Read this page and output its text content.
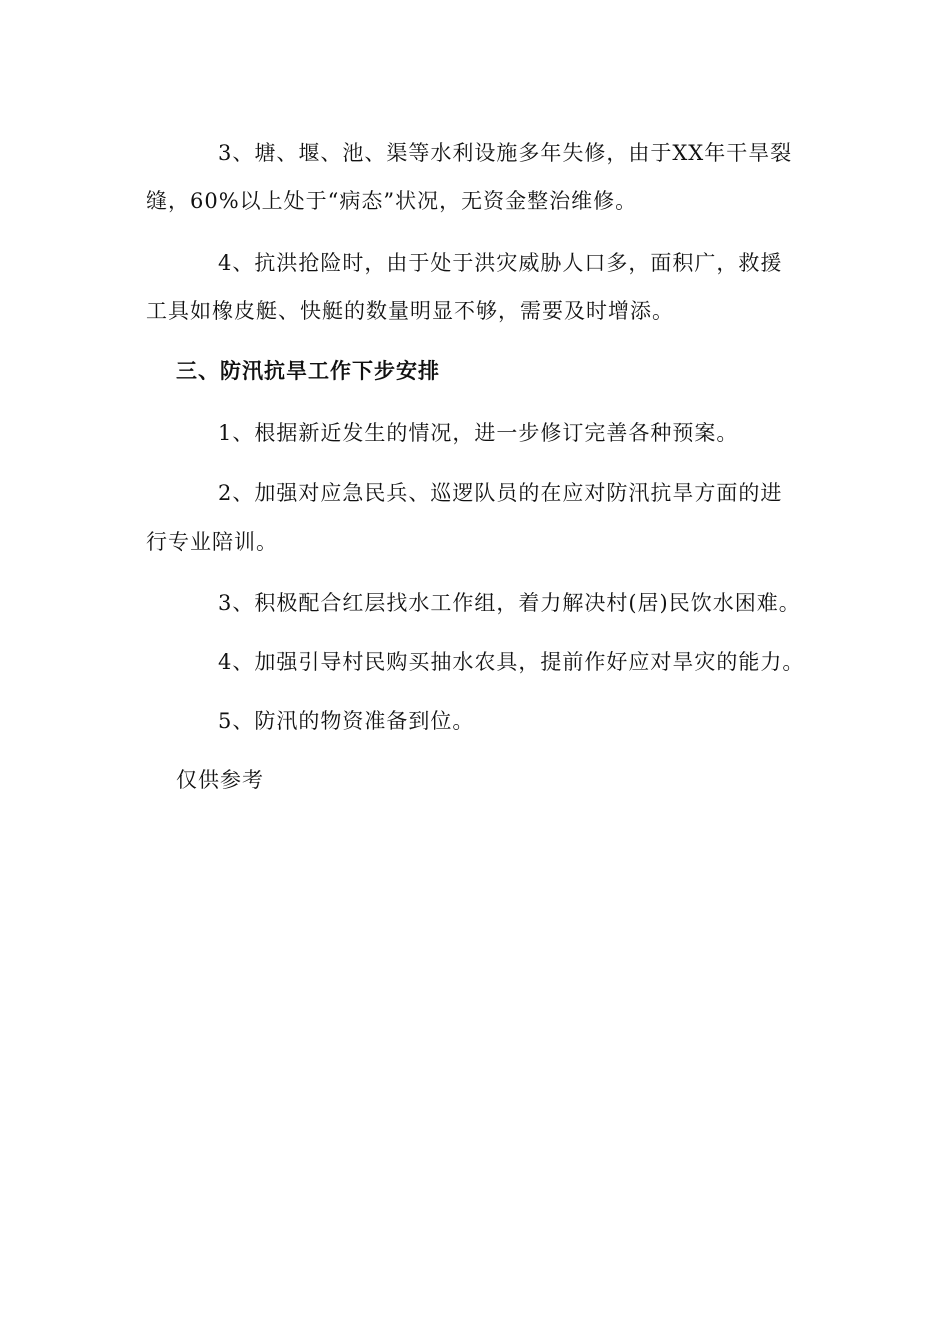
3、塘、堰、池、渠等水利设施多年失修，由于XX年干旱裂
缝，60%以上处于“病态”状况，无资金整治维修。
4、抗洪抢险时，由于处于洪灾威胁人口多，面积广，救援
工具如橡皮艇、快艇的数量明显不够，需要及时增添。
三、防汛抗旱工作下步安排
1、根据新近发生的情况，进一步修订完善各种预案。
2、加强对应急民兵、巡逻队员的在应对防汛抗旱方面的进
行专业陪训。
3、积极配合红层找水工作组，着力解决村(居)民饮水困难。
4、加强引导村民购买抽水农具，提前作好应对旱灾的能力。
5、防汛的物资准备到位。
仅供参考
